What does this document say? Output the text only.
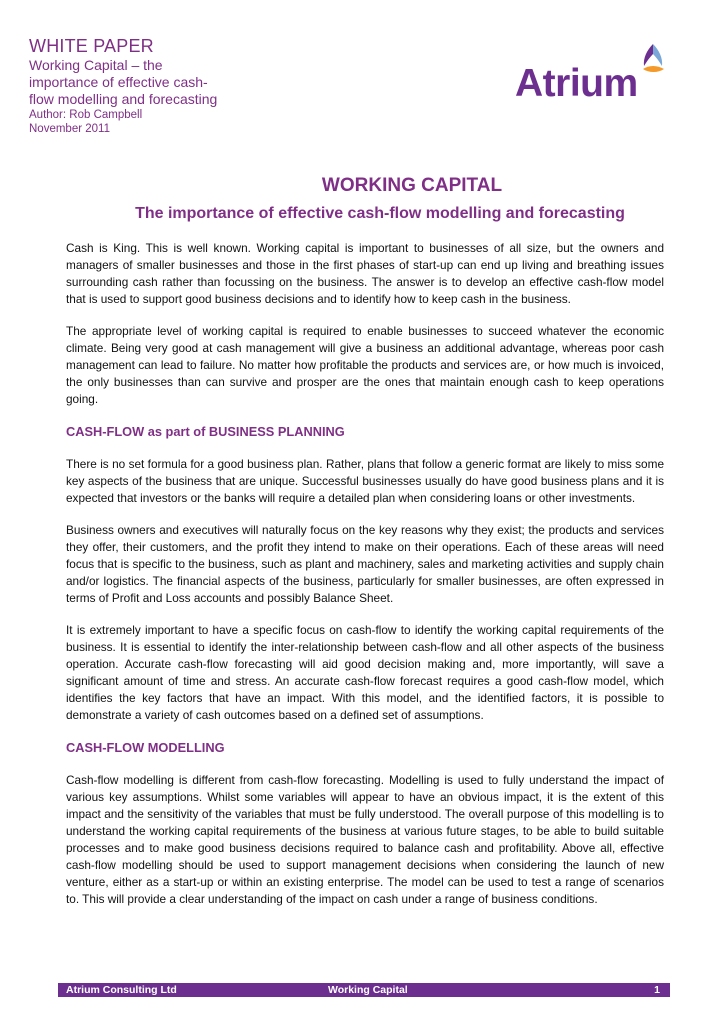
WHITE PAPER
Working Capital – the
importance of effective cash-
flow modelling and forecasting
Author: Rob Campbell
November 2011
Atrium
WORKING CAPITAL
The importance of effective cash-flow modelling and forecasting

Cash is King. This is well known. Working capital is important to businesses of all size, but the owners and managers of smaller businesses and those in the first phases of start-up can end up living and breathing issues surrounding cash rather than focussing on the business. The answer is to develop an effective cash-flow model that is used to support good business decisions and to identify how to keep cash in the business.

The appropriate level of working capital is required to enable businesses to succeed whatever the economic climate. Being very good at cash management will give a business an additional advantage, whereas poor cash management can lead to failure. No matter how profitable the products and services are, or how much is invoiced, the only businesses than can survive and prosper are the ones that maintain enough cash to keep operations going.

CASH-FLOW as part of BUSINESS PLANNING

There is no set formula for a good business plan. Rather, plans that follow a generic format are likely to miss some key aspects of the business that are unique. Successful businesses usually do have good business plans and it is expected that investors or the banks will require a detailed plan when considering loans or other investments.

Business owners and executives will naturally focus on the key reasons why they exist; the products and services they offer, their customers, and the profit they intend to make on their operations. Each of these areas will need focus that is specific to the business, such as plant and machinery, sales and marketing activities and supply chain and/or logistics. The financial aspects of the business, particularly for smaller businesses, are often expressed in terms of Profit and Loss accounts and possibly Balance Sheet.

It is extremely important to have a specific focus on cash-flow to identify the working capital requirements of the business. It is essential to identify the inter-relationship between cash-flow and all other aspects of the business operation. Accurate cash-flow forecasting will aid good decision making and, more importantly, will save a significant amount of time and stress. An accurate cash-flow forecast requires a good cash-flow model, which identifies the key factors that have an impact. With this model, and the identified factors, it is possible to demonstrate a variety of cash outcomes based on a defined set of assumptions.

CASH-FLOW MODELLING

Cash-flow modelling is different from cash-flow forecasting. Modelling is used to fully understand the impact of various key assumptions. Whilst some variables will appear to have an obvious impact, it is the extent of this impact and the sensitivity of the variables that must be fully understood. The overall purpose of this modelling is to understand the working capital requirements of the business at various future stages, to be able to build suitable processes and to make good business decisions required to balance cash and profitability. Above all, effective cash-flow modelling should be used to support management decisions when considering the launch of new venture, either as a start-up or within an existing enterprise. The model can be used to test a range of scenarios to. This will provide a clear understanding of the impact on cash under a range of business conditions.

Atrium Consulting Ltd	Working Capital	1
